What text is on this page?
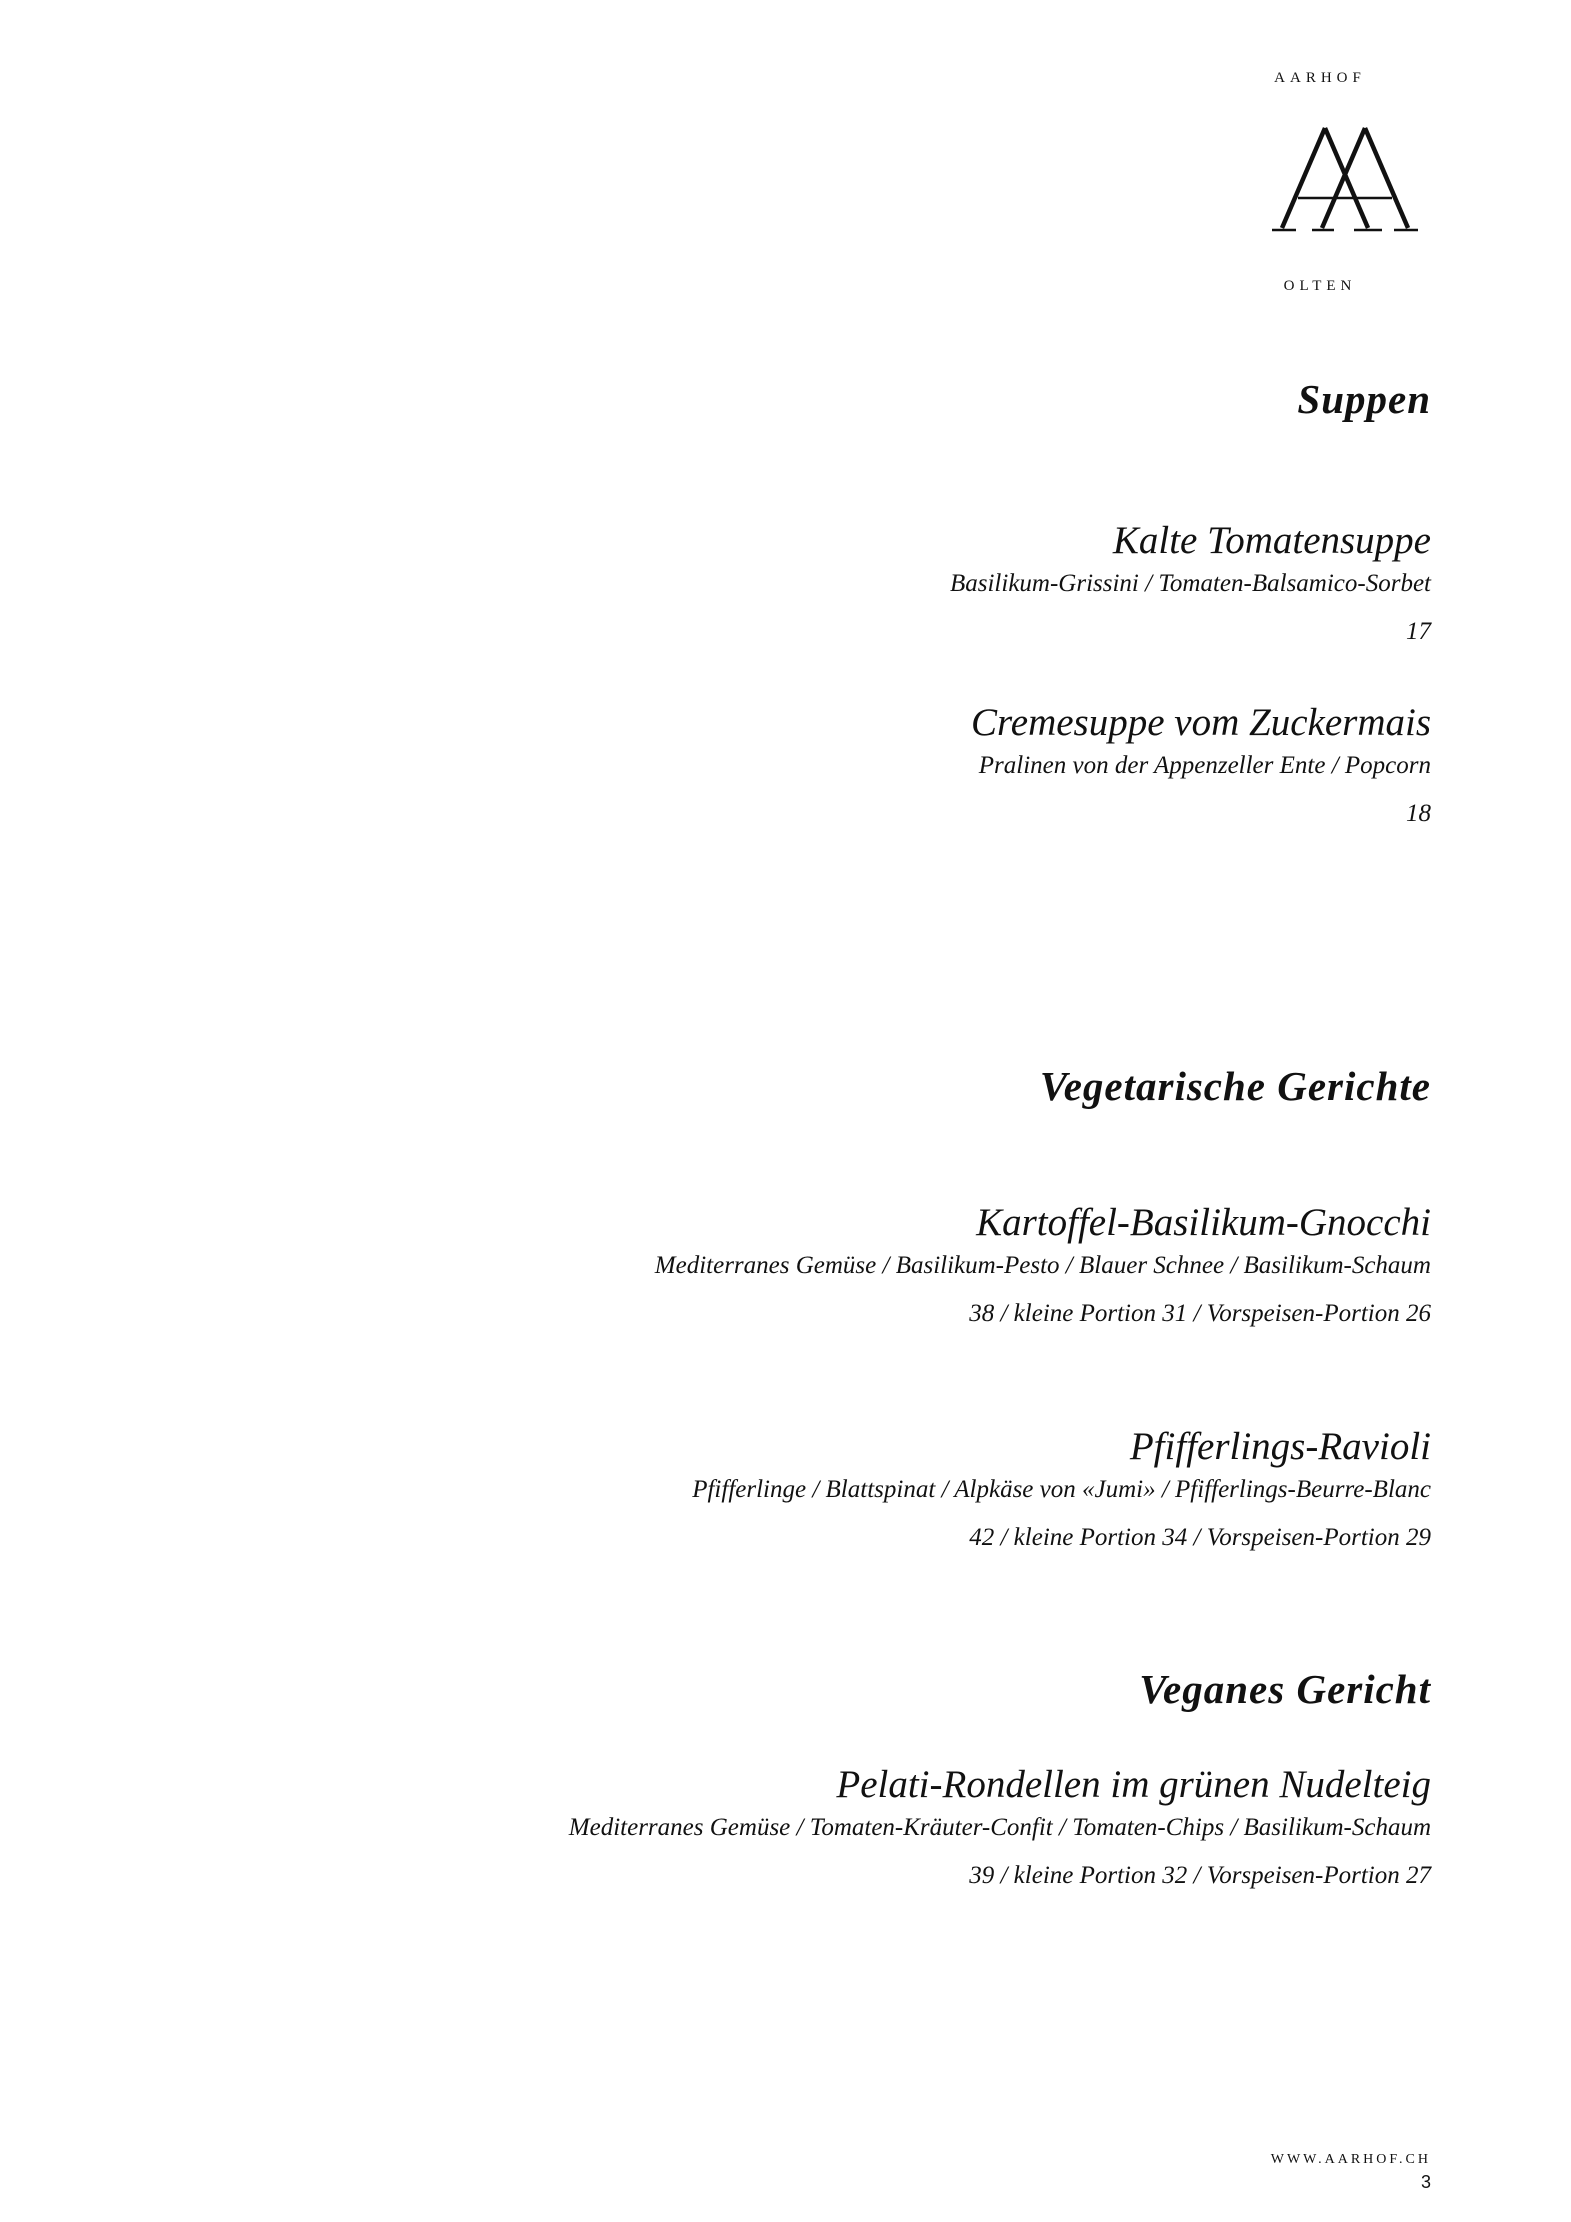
AARHOF
OLTEN
Suppen
Kalte Tomatensuppe
Basilikum-Grissini / Tomaten-Balsamico-Sorbet
17
Cremesuppe vom Zuckermais
Pralinen von der Appenzeller Ente / Popcorn
18
Vegetarische Gerichte
Kartoffel-Basilikum-Gnocchi
Mediterranes Gemüse / Basilikum-Pesto / Blauer Schnee / Basilikum-Schaum
38 / kleine Portion 31 / Vorspeisen-Portion 26
Pfifferlings-Ravioli
Pfifferlinge / Blattspinat / Alpkäse von «Jumi» / Pfifferlings-Beurre-Blanc
42 / kleine Portion 34 / Vorspeisen-Portion 29
Veganes Gericht
Pelati-Rondellen im grünen Nudelteig
Mediterranes Gemüse / Tomaten-Kräuter-Confit / Tomaten-Chips / Basilikum-Schaum
39 / kleine Portion 32 / Vorspeisen-Portion 27
WWW.AARHOF.CH
3
